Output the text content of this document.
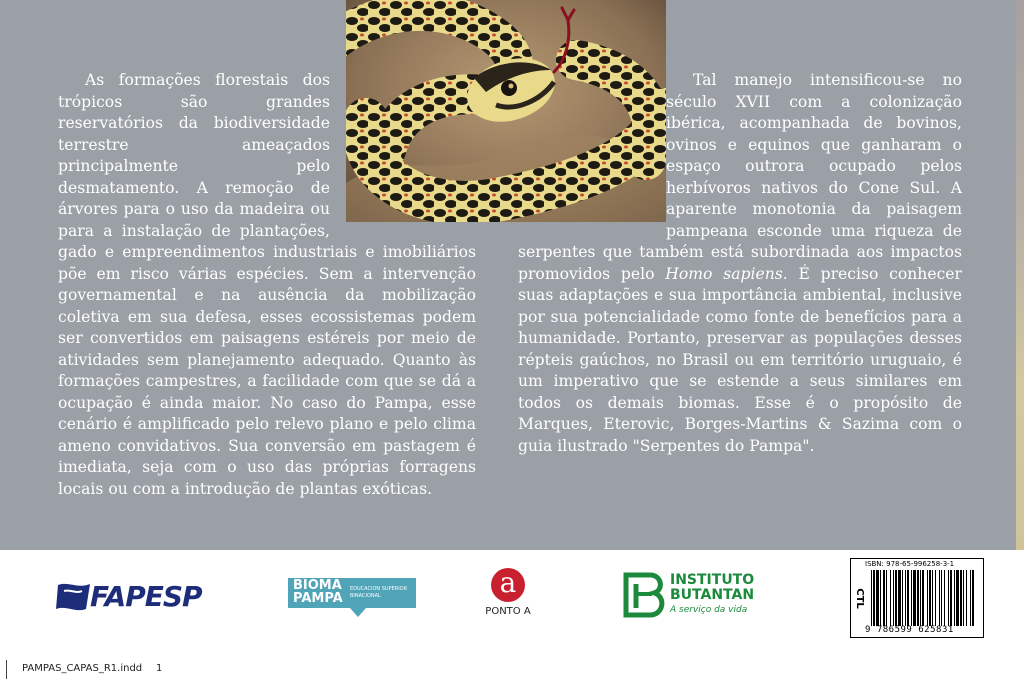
As formações florestais dos trópicos são grandes reservatórios da biodiversidade terrestre ameaçados principalmente pelo desmatamento. A remoção de árvores para o uso da madeira ou para a instalação de plantações, gado e empreendimentos industriais e imobiliários põe em risco várias espécies. Sem a intervenção governamental e na ausência da mobilização coletiva em sua defesa, esses ecossistemas podem ser convertidos em paisagens estéreis por meio de atividades sem planejamento adequado. Quanto às formações campestres, a facilidade com que se dá a ocupação é ainda maior. No caso do Pampa, esse cenário é amplificado pelo relevo plano e pelo clima ameno convidativos. Sua conversão em pastagem é imediata, seja com o uso das próprias forragens locais ou com a introdução de plantas exóticas.

Tal manejo intensificou-se no século XVII com a colonização ibérica, acompanhada de bovinos, ovinos e equinos que ganharam o espaço outrora ocupado pelos herbívoros nativos do Cone Sul. A aparente monotonia da paisagem pampeana esconde uma riqueza de serpentes que também está subordinada aos impactos promovidos pelo Homo sapiens. É preciso conhecer suas adaptações e sua importância ambiental, inclusive por sua potencialidade como fonte de benefícios para a humanidade. Portanto, preservar as populações desses répteis gaúchos, no Brasil ou em território uruguaio, é um imperativo que se estende a seus similares em todos os demais biomas. Esse é o propósito de Marques, Eterovic, Borges-Martins & Sazima com o guia ilustrado "Serpentes do Pampa".

FAPESP	BIOMA
PAMPA
EDUCACION SUPERIOR
BINACIONAL	a
PONTO A
INSTITUTO
BUTANTAN
A serviço da vida
ISBN: 978-65-996258-3-1
CTL
9 786599 625831
PAMPAS_CAPAS_R1.indd 1
